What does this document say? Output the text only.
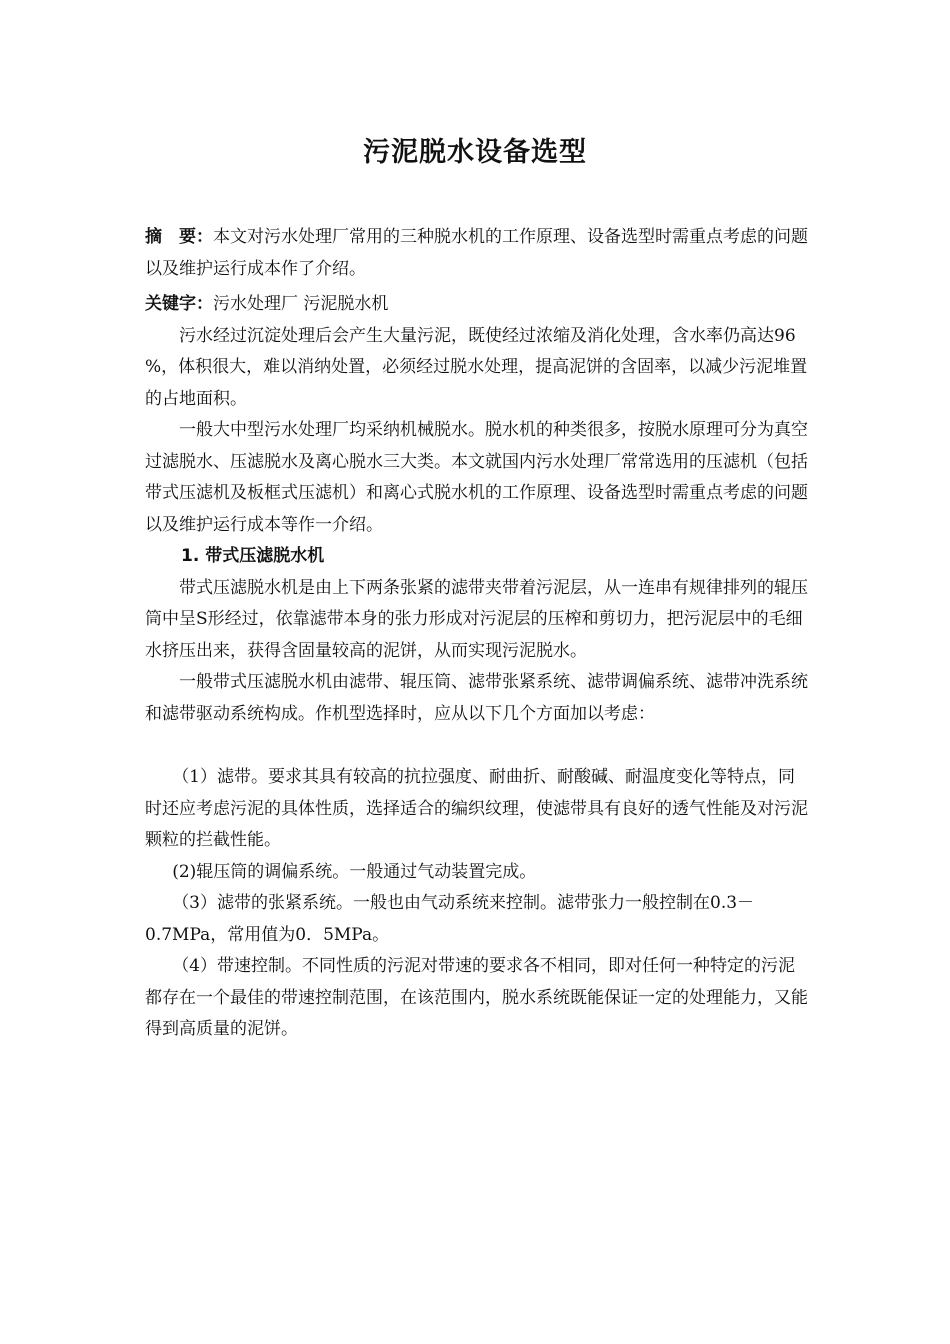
污泥脱水设备选型

摘　要：本文对污水处理厂常用的三种脱水机的工作原理、设备选型时需重点考虑的问题以及维护运行成本作了介绍。

关键字：污水处理厂 污泥脱水机

污水经过沉淀处理后会产生大量污泥，既使经过浓缩及消化处理，含水率仍高达96 %，体积很大，难以消纳处置，必须经过脱水处理，提高泥饼的含固率，以减少污泥堆置的占地面积。

一般大中型污水处理厂均采纳机械脱水。脱水机的种类很多，按脱水原理可分为真空过滤脱水、压滤脱水及离心脱水三大类。本文就国内污水处理厂常常选用的压滤机（包括带式压滤机及板框式压滤机）和离心式脱水机的工作原理、设备选型时需重点考虑的问题以及维护运行成本等作一介绍。

1. 带式压滤脱水机

带式压滤脱水机是由上下两条张紧的滤带夹带着污泥层，从一连串有规律排列的辊压筒中呈S形经过，依靠滤带本身的张力形成对污泥层的压榨和剪切力，把污泥层中的毛细水挤压出来，获得含固量较高的泥饼，从而实现污泥脱水。

一般带式压滤脱水机由滤带、辊压筒、滤带张紧系统、滤带调偏系统、滤带冲洗系统和滤带驱动系统构成。作机型选择时，应从以下几个方面加以考虑：

（1）滤带。要求其具有较高的抗拉强度、耐曲折、耐酸碱、耐温度变化等特点，同时还应考虑污泥的具体性质，选择适合的编织纹理，使滤带具有良好的透气性能及对污泥颗粒的拦截性能。

(2)辊压筒的调偏系统。一般通过气动装置完成。

（3）滤带的张紧系统。一般也由气动系统来控制。滤带张力一般控制在0.3－0.7MPa，常用值为0．5MPa。

（4）带速控制。不同性质的污泥对带速的要求各不相同，即对任何一种特定的污泥都存在一个最佳的带速控制范围，在该范围内，脱水系统既能保证一定的处理能力，又能得到高质量的泥饼。
